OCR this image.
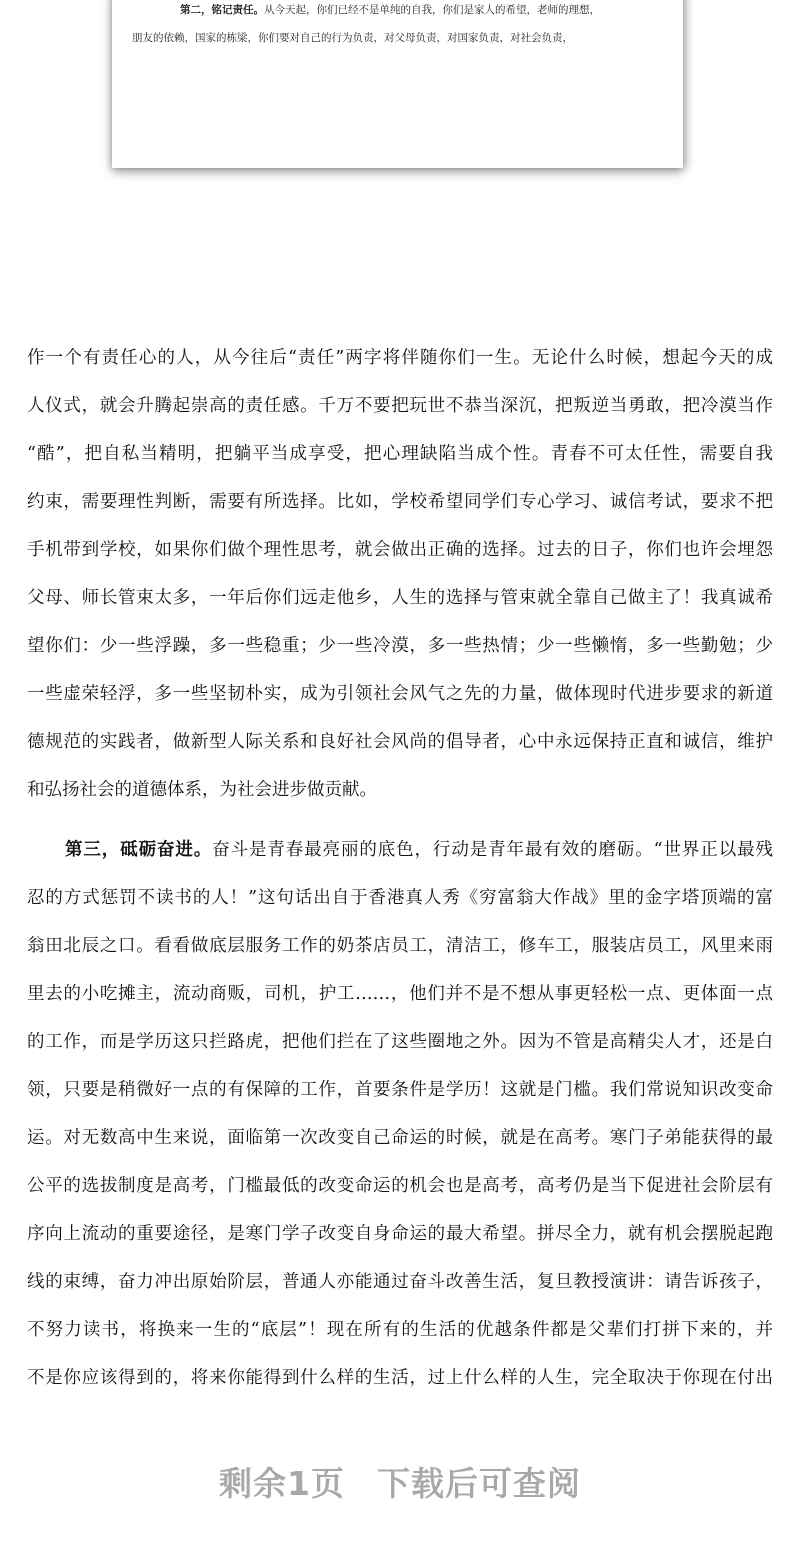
第二，铭记责任。从今天起，你们已经不是单纯的自我，你们是家人的希望，老师的理想，
朋友的依赖，国家的栋梁，你们要对自己的行为负责，对父母负责，对国家负责，对社会负责，
作一个有责任心的人，从今往后“责任”两字将伴随你们一生。无论什么时候，想起今天的成
人仪式，就会升腾起崇高的责任感。千万不要把玩世不恭当深沉，把叛逆当勇敢，把冷漠当作
“酷”，把自私当精明，把躺平当成享受，把心理缺陷当成个性。青春不可太任性，需要自我
约束，需要理性判断，需要有所选择。比如，学校希望同学们专心学习、诚信考试，要求不把
手机带到学校，如果你们做个理性思考，就会做出正确的选择。过去的日子，你们也许会埋怨
父母、师长管束太多，一年后你们远走他乡，人生的选择与管束就全靠自己做主了！我真诚希
望你们：少一些浮躁，多一些稳重；少一些冷漠，多一些热情；少一些懒惰，多一些勤勉；少
一些虚荣轻浮，多一些坚韧朴实，成为引领社会风气之先的力量，做体现时代进步要求的新道
德规范的实践者，做新型人际关系和良好社会风尚的倡导者，心中永远保持正直和诚信，维护
和弘扬社会的道德体系，为社会进步做贡献。
第三，砥砺奋进。奋斗是青春最亮丽的底色，行动是青年最有效的磨砺。“世界正以最残
忍的方式惩罚不读书的人！”这句话出自于香港真人秀《穷富翁大作战》里的金字塔顶端的富
翁田北辰之口。看看做底层服务工作的奶茶店员工，清洁工，修车工，服装店员工，风里来雨
里去的小吃摊主，流动商贩，司机，护工……，他们并不是不想从事更轻松一点、更体面一点
的工作，而是学历这只拦路虎，把他们拦在了这些圈地之外。因为不管是高精尖人才，还是白
领，只要是稍微好一点的有保障的工作，首要条件是学历！这就是门槛。我们常说知识改变命
运。对无数高中生来说，面临第一次改变自己命运的时候，就是在高考。寒门子弟能获得的最
公平的选拔制度是高考，门槛最低的改变命运的机会也是高考，高考仍是当下促进社会阶层有
序向上流动的重要途径，是寒门学子改变自身命运的最大希望。拼尽全力，就有机会摆脱起跑
线的束缚，奋力冲出原始阶层，普通人亦能通过奋斗改善生活，复旦教授演讲：请告诉孩子，
不努力读书，将换来一生的“底层”！现在所有的生活的优越条件都是父辈们打拼下来的，并
不是你应该得到的，将来你能得到什么样的生活，过上什么样的人生，完全取决于你现在付出
剩余1页 下载后可查阅
